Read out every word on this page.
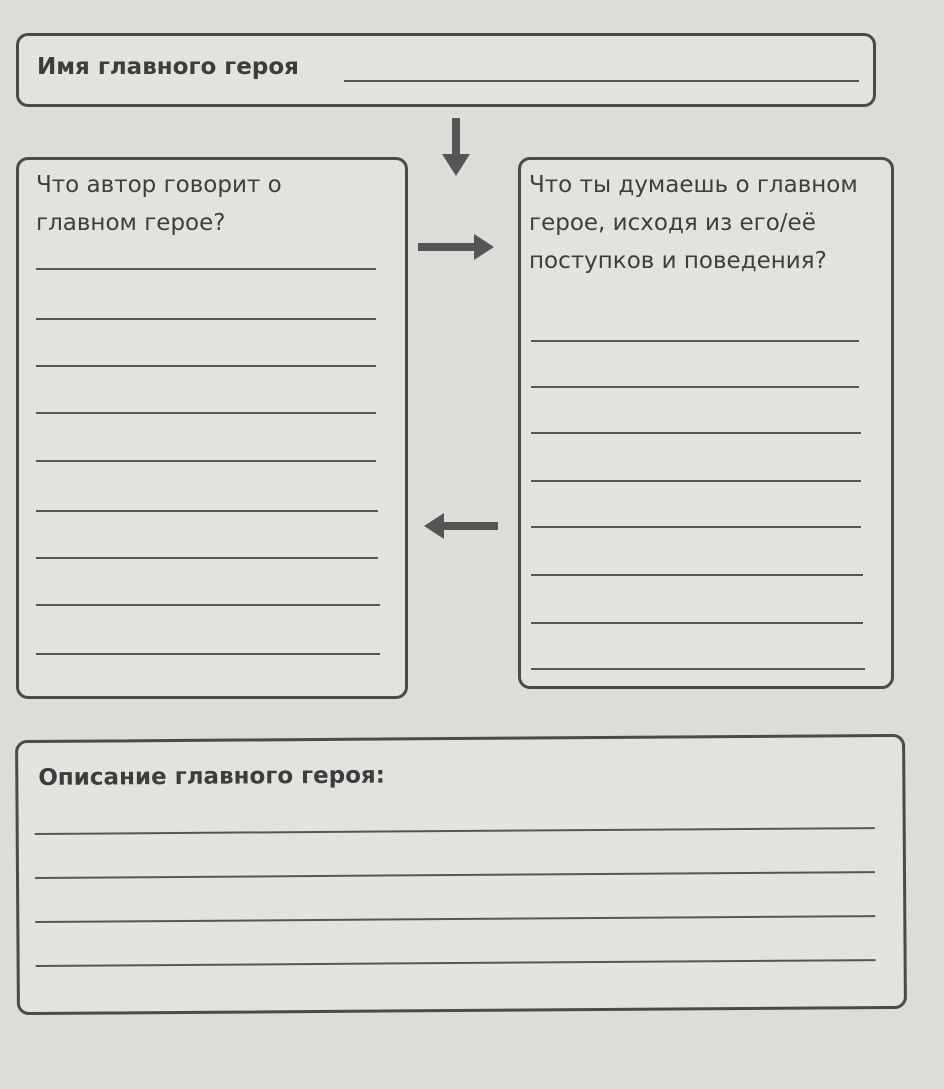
Имя главного героя
Что автор говорит о главном герое?
Что ты думаешь о главном герое, исходя из его/её поступков и поведения?
Описание главного героя:
